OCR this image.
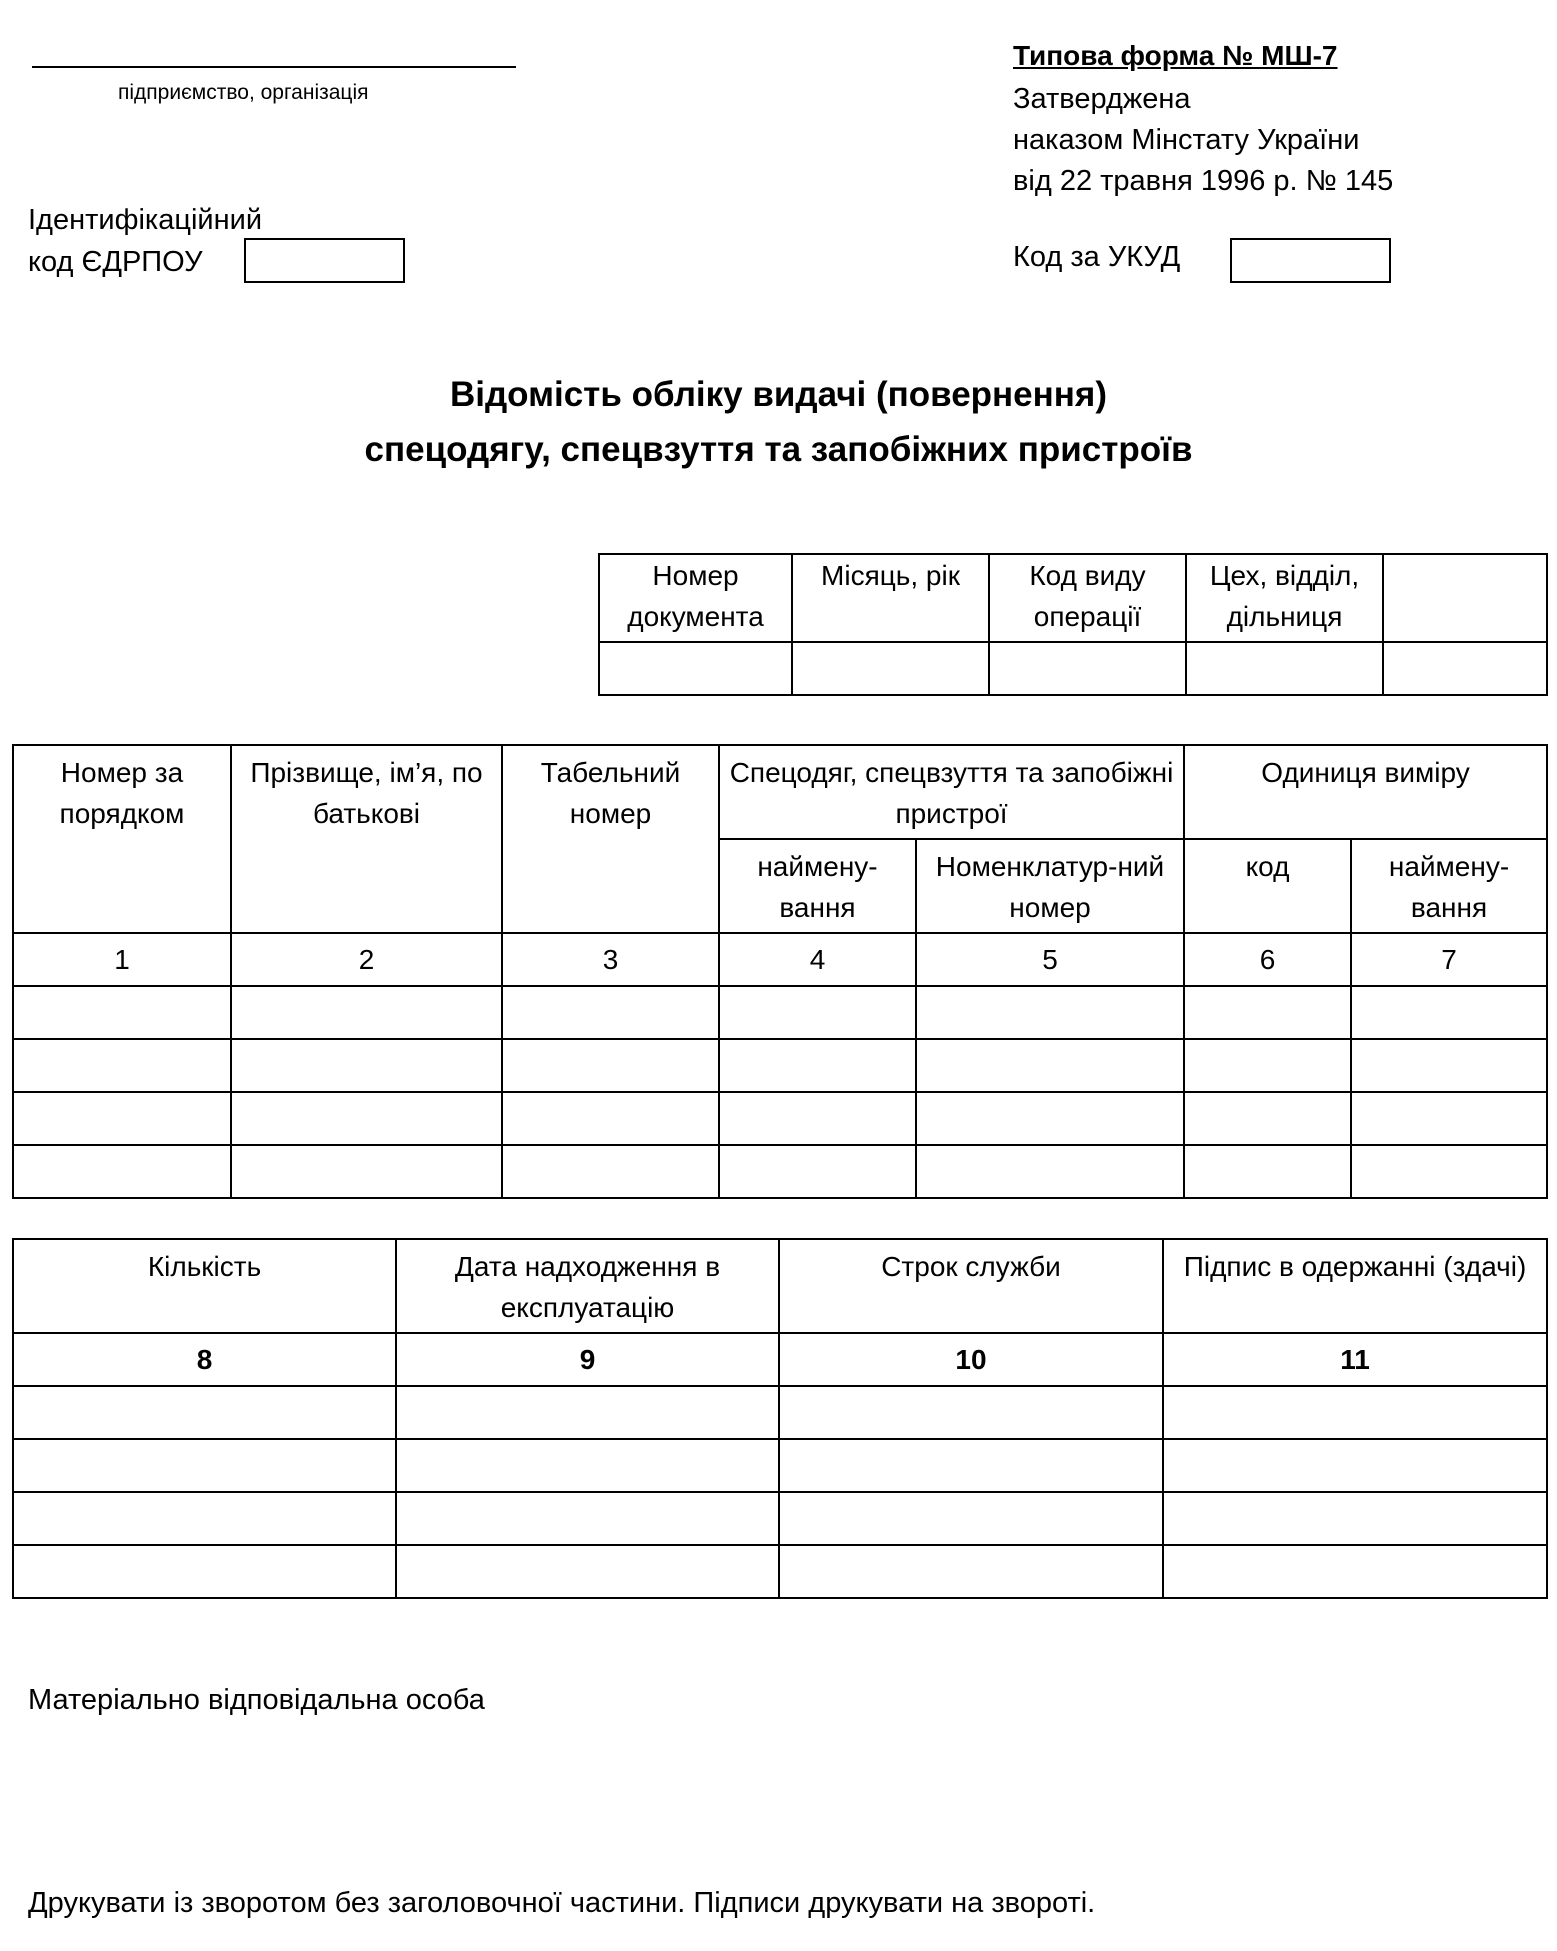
підприємство, організація
Типова форма № МШ-7
Затверджена
наказом Мінстату України
від 22 травня 1996 р. № 145
Ідентифікаційний
код ЄДРПОУ	Код за УКУД
Відомість обліку видачі (повернення)
спецодягу, спецвзуття та запобіжних пристроїв
Номер документа	Місяць, рік	Код виду операції	Цех, відділ, дільниця	

Номер за порядком	Прізвище, ім’я, по батькові	Табельний номер	Спецодяг, спецвзуття та запобіжні пристрої		Одиниця виміру	
			наймену-вання	Номенклатур-ний номер	код	наймену-вання
1	2	3	4	5	6	7

Кількість	Дата надходження в експлуатацію	Строк служби	Підпис в одержанні (здачі)
8	9	10	11

Матеріально відповідальна особа
Друкувати із зворотом без заголовочної частини. Підписи друкувати на звороті.
